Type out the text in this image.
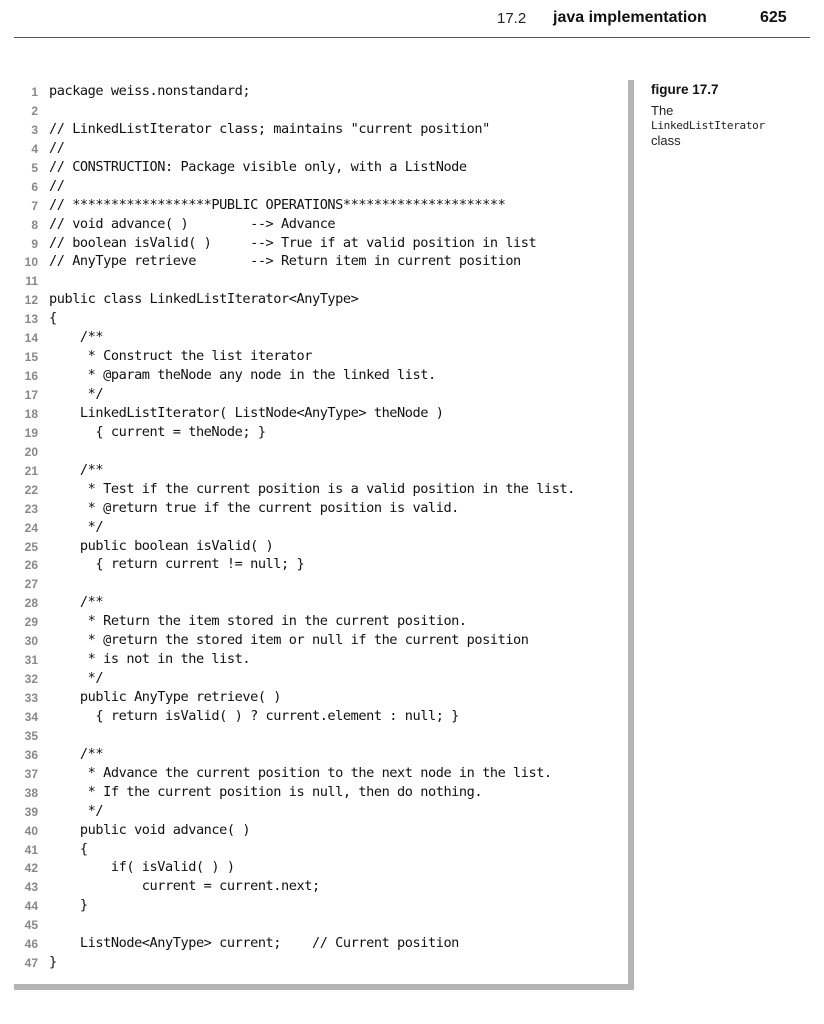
17.2 java implementation	625
1 package weiss.nonstandard;
2
3 // LinkedListIterator class; maintains "current position"
4 //
5 // CONSTRUCTION: Package visible only, with a ListNode
6 //
7 // ******************PUBLIC OPERATIONS*********************
8 // void advance( )        --> Advance
9 // boolean isValid( )     --> True if at valid position in list
10 // AnyType retrieve       --> Return item in current position
11
12 public class LinkedListIterator<AnyType>
13 {
14 /**
15 * Construct the list iterator
16 * @param theNode any node in the linked list.
17 */
18 LinkedListIterator( ListNode<AnyType> theNode )
19 { current = theNode; }
20
21 /**
22 * Test if the current position is a valid position in the list.
23 * @return true if the current position is valid.
24 */
25 public boolean isValid( )
26 { return current != null; }
27
28 /**
29 * Return the item stored in the current position.
30 * @return the stored item or null if the current position
31 * is not in the list.
32 */
33 public AnyType retrieve( )
34 { return isValid( ) ? current.element : null; }
35
36 /**
37 * Advance the current position to the next node in the list.
38 * If the current position is null, then do nothing.
39 */
40 public void advance( )
41 {
42 if( isValid( ) )
43 current = current.next;
44 }
45
46 ListNode<AnyType> current;    // Current position
47 }
figure 17.7
The
LinkedListIterator
class
